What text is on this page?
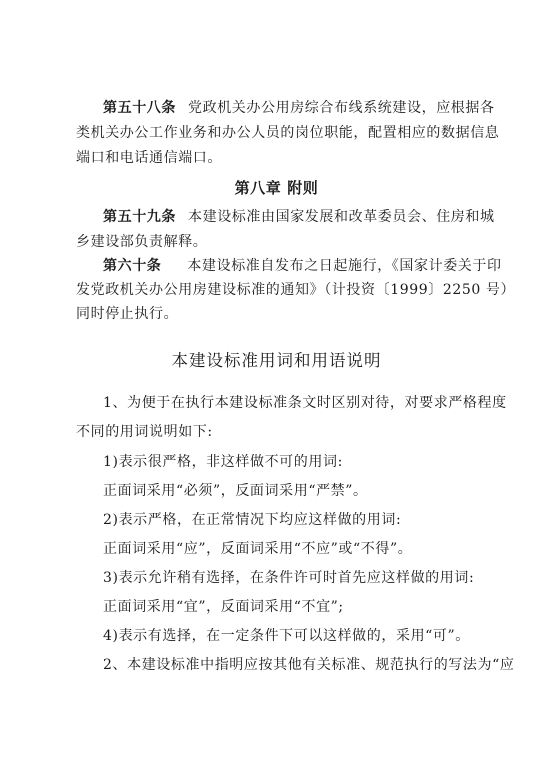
第五十八条 党政机关办公用房综合布线系统建设，应根据各
类机关办公工作业务和办公人员的岗位职能，配置相应的数据信息
端口和电话通信端口。
第八章 附则
第五十九条 本建设标准由国家发展和改革委员会、住房和城
乡建设部负责解释。
第六十条 本建设标准自发布之日起施行，《国家计委关于印
发党政机关办公用房建设标准的通知》（计投资〔1999〕2250 号）
同时停止执行。
本建设标准用词和用语说明
1、为便于在执行本建设标准条文时区别对待，对要求严格程度
不同的用词说明如下:
1)表示很严格，非这样做不可的用词:
正面词采用“必须”，反面词采用“严禁”。
2)表示严格，在正常情况下均应这样做的用词:
正面词采用“应”，反面词采用“不应”或“不得”。
3)表示允许稍有选择，在条件许可时首先应这样做的用词:
正面词采用“宜”，反面词采用“不宜”;
4)表示有选择，在一定条件下可以这样做的，采用“可”。
2、本建设标准中指明应按其他有关标准、规范执行的写法为“应
